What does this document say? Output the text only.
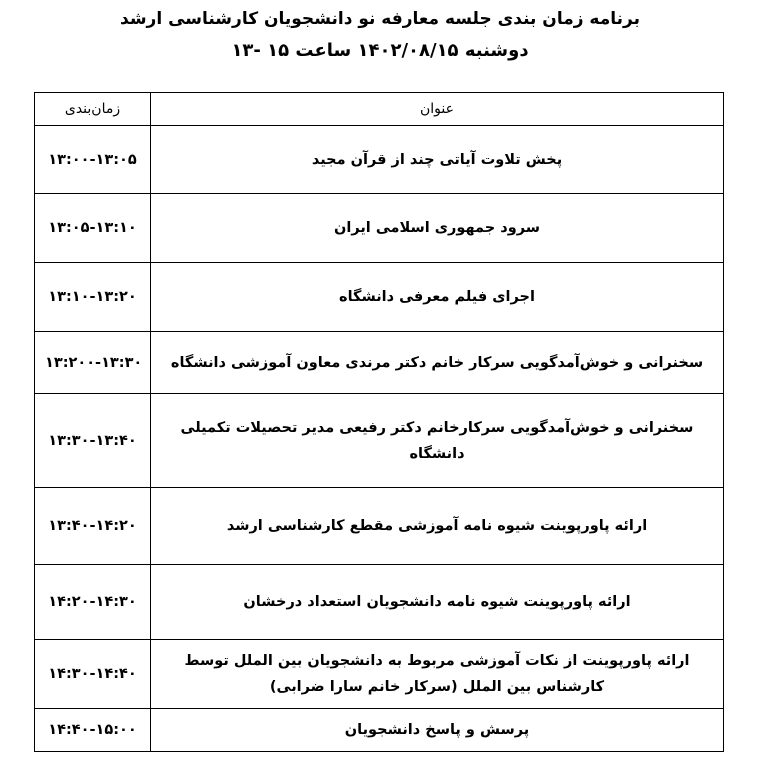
برنامه زمان بندی جلسه معارفه نو دانشجویان کارشناسی ارشد
دوشنبه ۱۴۰۲/۰۸/۱۵ ساعت ۱۵ -۱۳
عنوان	زمان‌بندی
پخش تلاوت آیاتی چند از قرآن مجید	۱۳:۰۰-۱۳:۰۵
سرود جمهوری اسلامی ایران	۱۳:۰۵-۱۳:۱۰
اجرای فیلم معرفی دانشگاه	۱۳:۱۰-۱۳:۲۰
سخنرانی و خوش‌آمدگویی سرکار خانم دکتر مرندی معاون آموزشی دانشگاه	۱۳:۲۰۰-۱۳:۳۰
سخنرانی و خوش‌آمدگویی سرکارخانم دکتر رفیعی مدیر تحصیلات تکمیلی دانشگاه	۱۳:۳۰-۱۳:۴۰
ارائه پاورپوینت شیوه نامه آموزشی مقطع کارشناسی ارشد	۱۳:۴۰-۱۴:۲۰
ارائه پاورپوینت شیوه نامه دانشجویان استعداد درخشان	۱۴:۲۰-۱۴:۳۰
ارائه پاورپوینت از نکات آموزشی مربوط به دانشجویان بین الملل توسط کارشناس بین الملل (سرکار خانم سارا ضرابی)	۱۴:۳۰-۱۴:۴۰
پرسش و پاسخ دانشجویان	۱۴:۴۰-۱۵:۰۰
